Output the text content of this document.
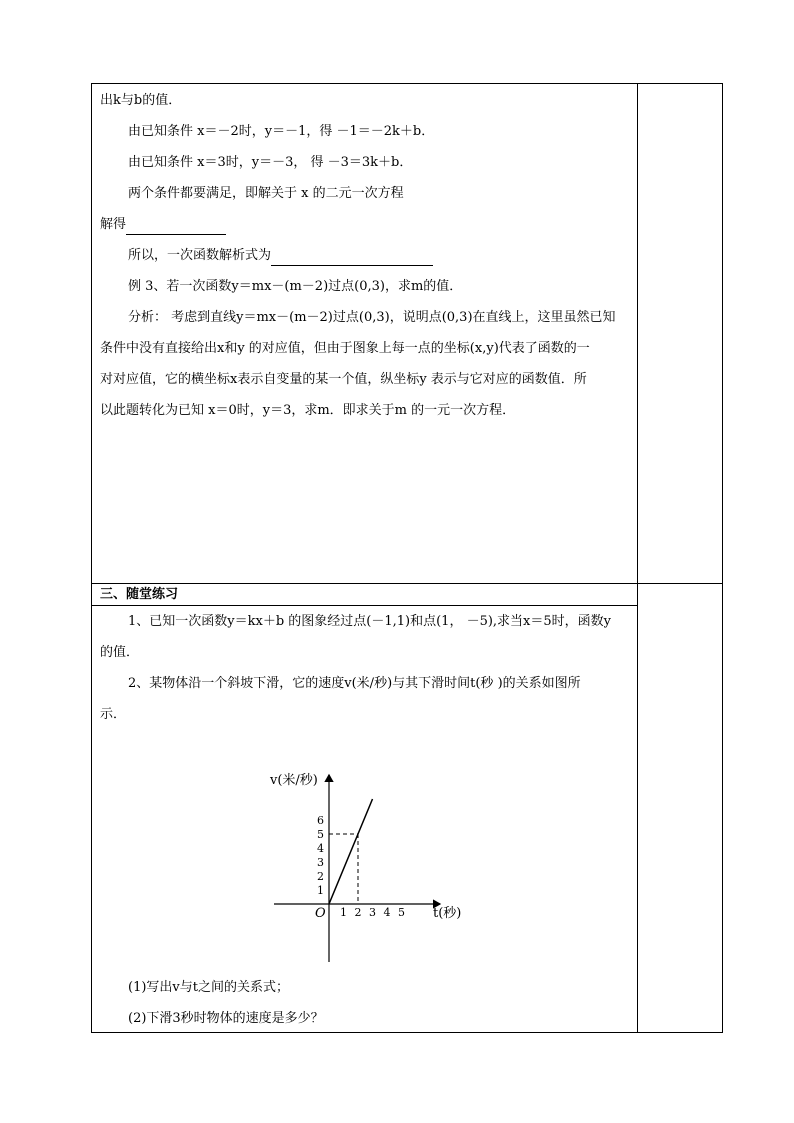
出k与b的值．
由已知条件 x＝－2时，y＝－1，得 －1＝－2k＋b．
由已知条件 x＝3时，y＝－3， 得 －3＝3k＋b．
两个条件都要满足，即解关于 x 的二元一次方程
解得
所以，一次函数解析式为
例 3、若一次函数y＝mx－(m－2)过点(0,3)，求m的值．
分析： 考虑到直线y＝mx－(m－2)过点(0,3)，说明点(0,3)在直线上，这里虽然已知
条件中没有直接给出x和y 的对应值，但由于图象上每一点的坐标(x,y)代表了函数的一
对对应值，它的横坐标x表示自变量的某一个值，纵坐标y 表示与它对应的函数值．所
以此题转化为已知 x＝0时，y＝3，求m．即求关于m 的一元一次方程．
三、随堂练习
1、已知一次函数y＝kx＋b 的图象经过点(－1,1)和点(1， －5),求当x＝5时，函数y
的值．
2、某物体沿一个斜坡下滑，它的速度v(米/秒)与其下滑时间t(秒 )的关系如图所
示．
v(米/秒)
t(秒)
O 1 2 3 4 5
1
2
3
4
5
6
(1)写出v与t之间的关系式；
(2)下滑3秒时物体的速度是多少？
